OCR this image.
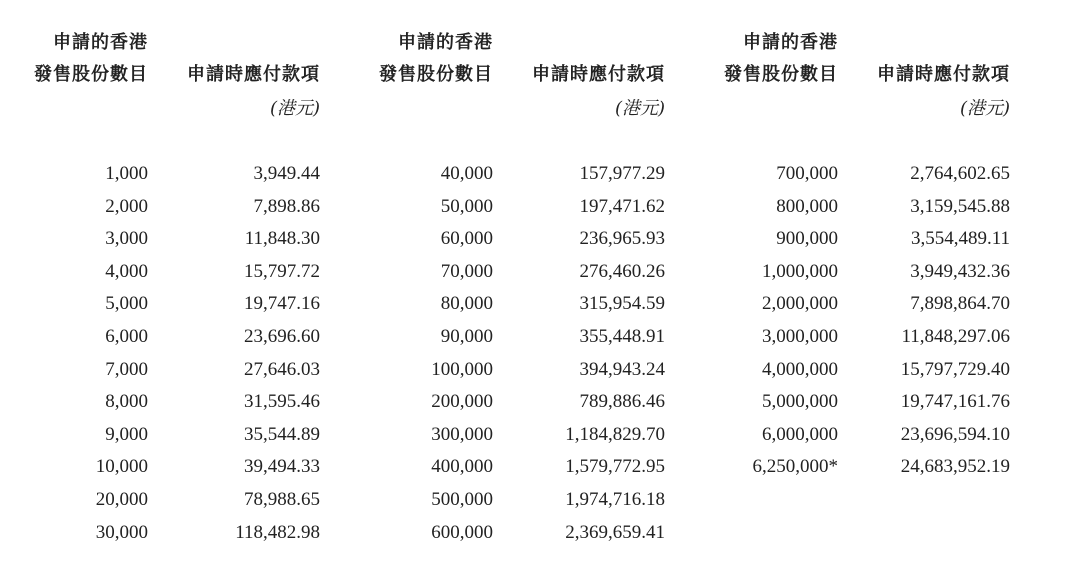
申請的香港
發售股份數目 申請時應付款項
(港元)
申請的香港
發售股份數目 申請時應付款項
(港元)
申請的香港
發售股份數目 申請時應付款項
(港元)
1,000
2,000
3,000
4,000
5,000
6,000
7,000
8,000
9,000
10,000
20,000
30,000
3,949.44
7,898.86
11,848.30
15,797.72
19,747.16
23,696.60
27,646.03
31,595.46
35,544.89
39,494.33
78,988.65
118,482.98
40,000
50,000
60,000
70,000
80,000
90,000
100,000
200,000
300,000
400,000
500,000
600,000
157,977.29
197,471.62
236,965.93
276,460.26
315,954.59
355,448.91
394,943.24
789,886.46
1,184,829.70
1,579,772.95
1,974,716.18
2,369,659.41
700,000
800,000
900,000
1,000,000
2,000,000
3,000,000
4,000,000
5,000,000
6,000,000
6,250,000*
2,764,602.65
3,159,545.88
3,554,489.11
3,949,432.36
7,898,864.70
11,848,297.06
15,797,729.40
19,747,161.76
23,696,594.10
24,683,952.19
